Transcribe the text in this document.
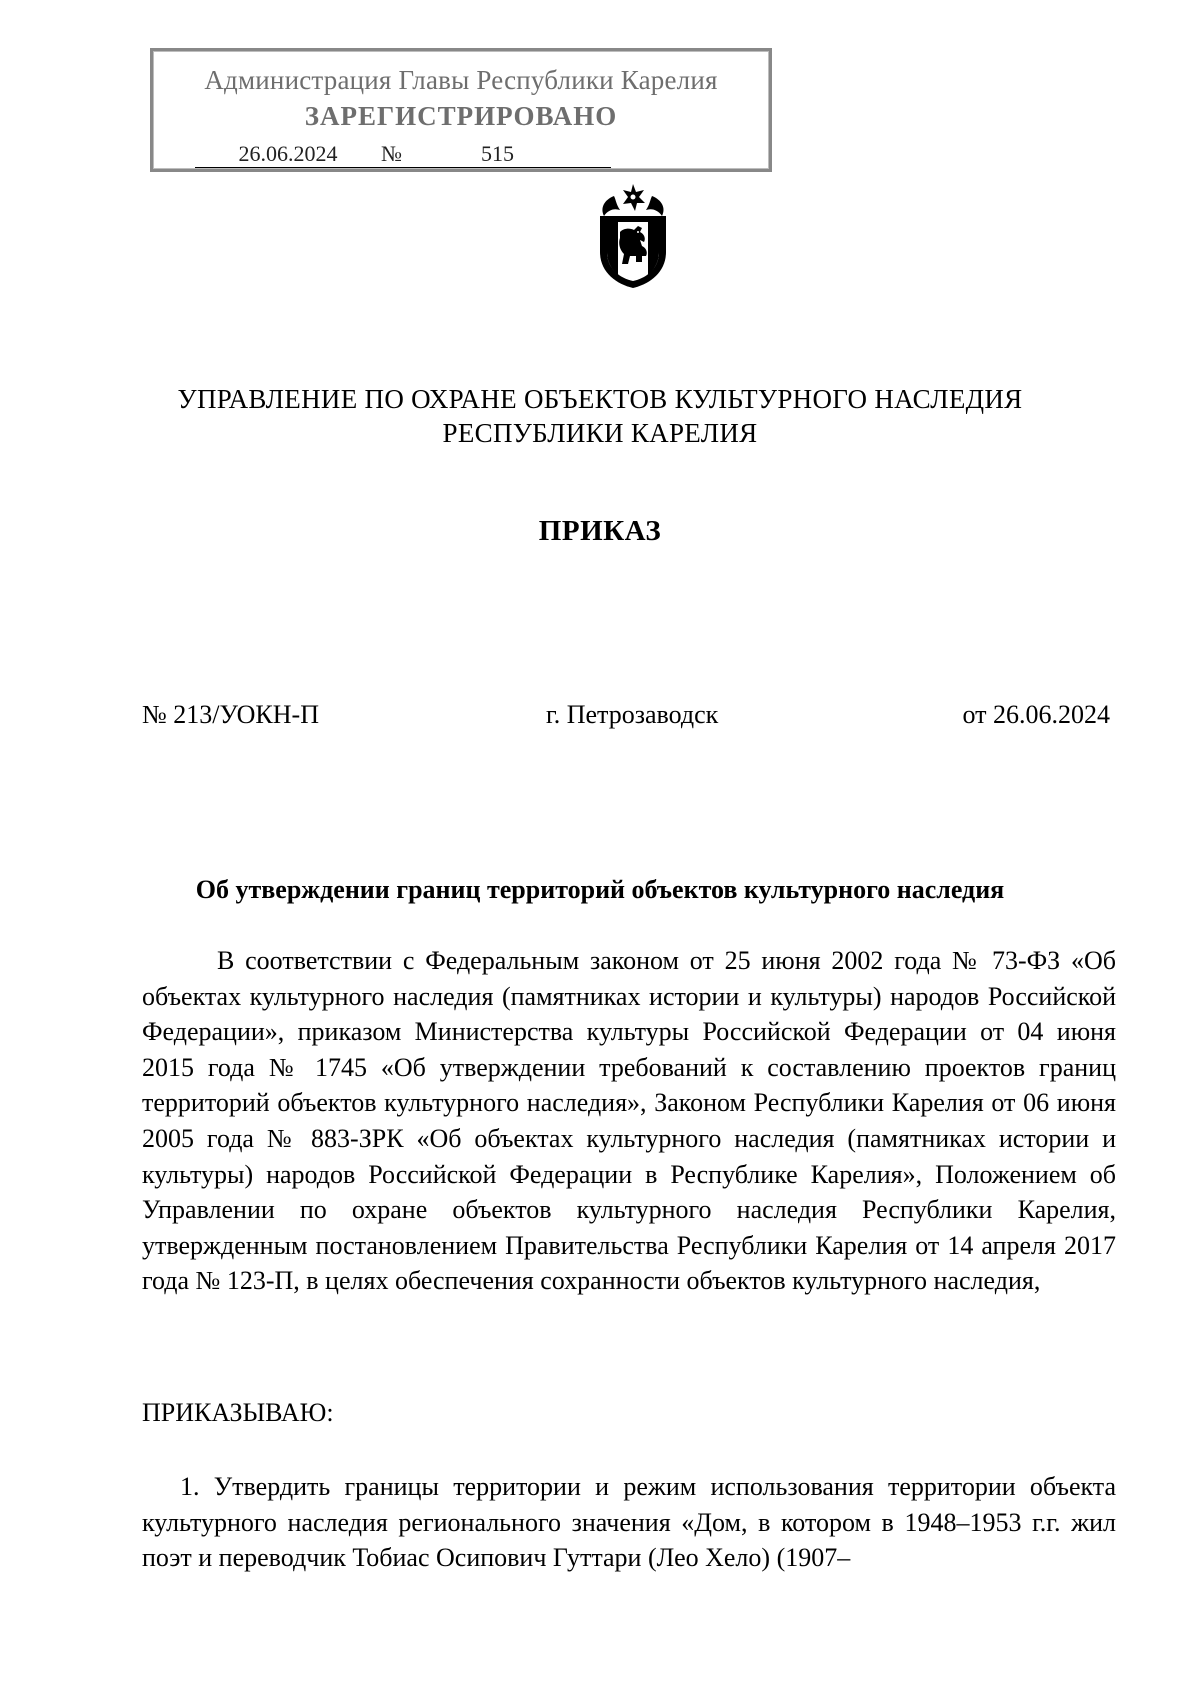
Администрация Главы Республики Карелия
ЗАРЕГИСТРИРОВАНО
26.06.2024	№	515
УПРАВЛЕНИЕ ПО ОХРАНЕ ОБЪЕКТОВ КУЛЬТУРНОГО НАСЛЕДИЯ
РЕСПУБЛИКИ КАРЕЛИЯ
ПРИКАЗ
№ 213/УОКН-П	г. Петрозаводск	от 26.06.2024
Об утверждении границ территорий объектов культурного наследия
В соответствии с Федеральным законом от 25 июня 2002 года № 73-ФЗ «Об объектах культурного наследия (памятниках истории и культуры) народов Российской Федерации», приказом Министерства культуры Российской Федерации от 04 июня 2015 года № 1745 «Об утверждении требований к составлению проектов границ территорий объектов культурного наследия», Законом Республики Карелия от 06 июня 2005 года № 883-ЗРК «Об объектах культурного наследия (памятниках истории и культуры) народов Российской Федерации в Республике Карелия», Положением об Управлении по охране объектов культурного наследия Республики Карелия, утвержденным постановлением Правительства Республики Карелия от 14 апреля 2017 года № 123-П, в целях обеспечения сохранности объектов культурного наследия,
ПРИКАЗЫВАЮ:
1. Утвердить границы территории и режим использования территории объекта культурного наследия регионального значения «Дом, в котором в 1948–1953 г.г. жил поэт и переводчик Тобиас Осипович Гуттари (Лео Хело) (1907–
